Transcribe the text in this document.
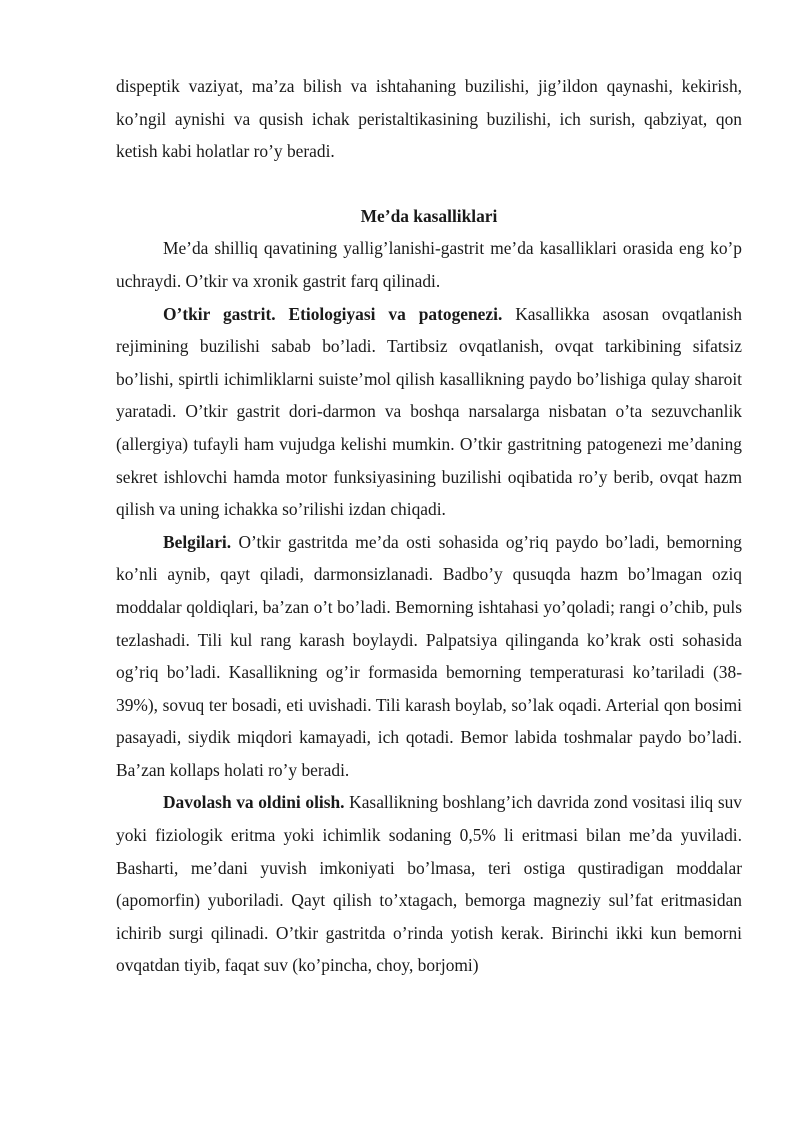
dispeptik vaziyat, ma’za bilish va ishtahaning buzilishi, jig’ildon qaynashi, kekirish, ko’ngil aynishi va qusish ichak peristaltikasining buzilishi, ich surish, qabziyat, qon ketish kabi holatlar ro’y beradi.

Me’da kasalliklari

Me’da shilliq qavatining yallig’lanishi-gastrit me’da kasalliklari orasida eng ko’p uchraydi. O’tkir va xronik gastrit farq qilinadi.

O’tkir gastrit. Etiologiyasi va patogenezi. Kasallikka asosan ovqatlanish rejimining buzilishi sabab bo’ladi. Tartibsiz ovqatlanish, ovqat tarkibining sifatsiz bo’lishi, spirtli ichimliklarni suiste’mol qilish kasallikning paydo bo’lishiga qulay sharoit yaratadi. O’tkir gastrit dori-darmon va boshqa narsalarga nisbatan o’ta sezuvchanlik (allergiya) tufayli ham vujudga kelishi mumkin. O’tkir gastritning patogenezi me’daning sekret ishlovchi hamda motor funksiyasining buzilishi oqibatida ro’y berib, ovqat hazm qilish va uning ichakka so’rilishi izdan chiqadi.

Belgilari. O’tkir gastritda me’da osti sohasida og’riq paydo bo’ladi, bemorning ko’nli aynib, qayt qiladi, darmonsizlanadi. Badbo’y qusuqda hazm bo’lmagan oziq moddalar qoldiqlari, ba’zan o’t bo’ladi. Bemorning ishtahasi yo’qoladi; rangi o’chib, puls tezlashadi. Tili kul rang karash boylaydi. Palpatsiya qilinganda ko’krak osti sohasida og’riq bo’ladi. Kasallikning og’ir formasida bemorning temperaturasi ko’tariladi (38-39%), sovuq ter bosadi, eti uvishadi. Tili karash boylab, so’lak oqadi. Arterial qon bosimi pasayadi, siydik miqdori kamayadi, ich qotadi. Bemor labida toshmalar paydo bo’ladi. Ba’zan kollaps holati ro’y beradi.

Davolash va oldini olish. Kasallikning boshlang’ich davrida zond vositasi iliq suv yoki fiziologik eritma yoki ichimlik sodaning 0,5% li eritmasi bilan me’da yuviladi. Basharti, me’dani yuvish imkoniyati bo’lmasa, teri ostiga qustiradigan moddalar (apomorfin) yuboriladi. Qayt qilish to’xtagach, bemorga magneziy sul’fat eritmasidan ichirib surgi qilinadi. O’tkir gastritda o’rinda yotish kerak. Birinchi ikki kun bemorni ovqatdan tiyib, faqat suv (ko’pincha, choy, borjomi)
